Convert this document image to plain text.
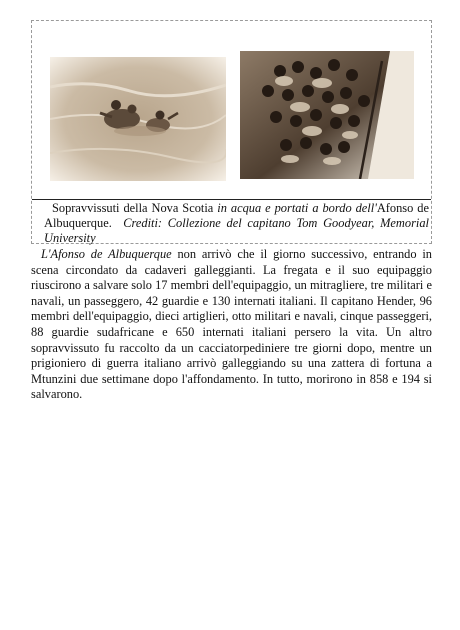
Sopravvissuti della Nova Scotia in acqua e portati a bordo dell'Afonso de Albuquerque. Crediti: Collezione del capitano Tom Goodyear, Memorial University
L'Afonso de Albuquerque non arrivò che il giorno successivo, entrando in scena circondato da cadaveri galleggianti. La fregata e il suo equipaggio riuscirono a salvare solo 17 membri dell'equipaggio, un mitragliere, tre militari e navali, un passeggero, 42 guardie e 130 internati italiani. Il capitano Hender, 96 membri dell'equipaggio, dieci artiglieri, otto militari e navali, cinque passeggeri, 88 guardie sudafricane e 650 internati italiani persero la vita. Un altro sopravvissuto fu raccolto da un cacciatorpediniere tre giorni dopo, mentre un prigioniero di guerra italiano arrivò galleggiando su una zattera di fortuna a Mtunzini due settimane dopo l'affondamento. In tutto, morirono in 858 e 194 si salvarono.
